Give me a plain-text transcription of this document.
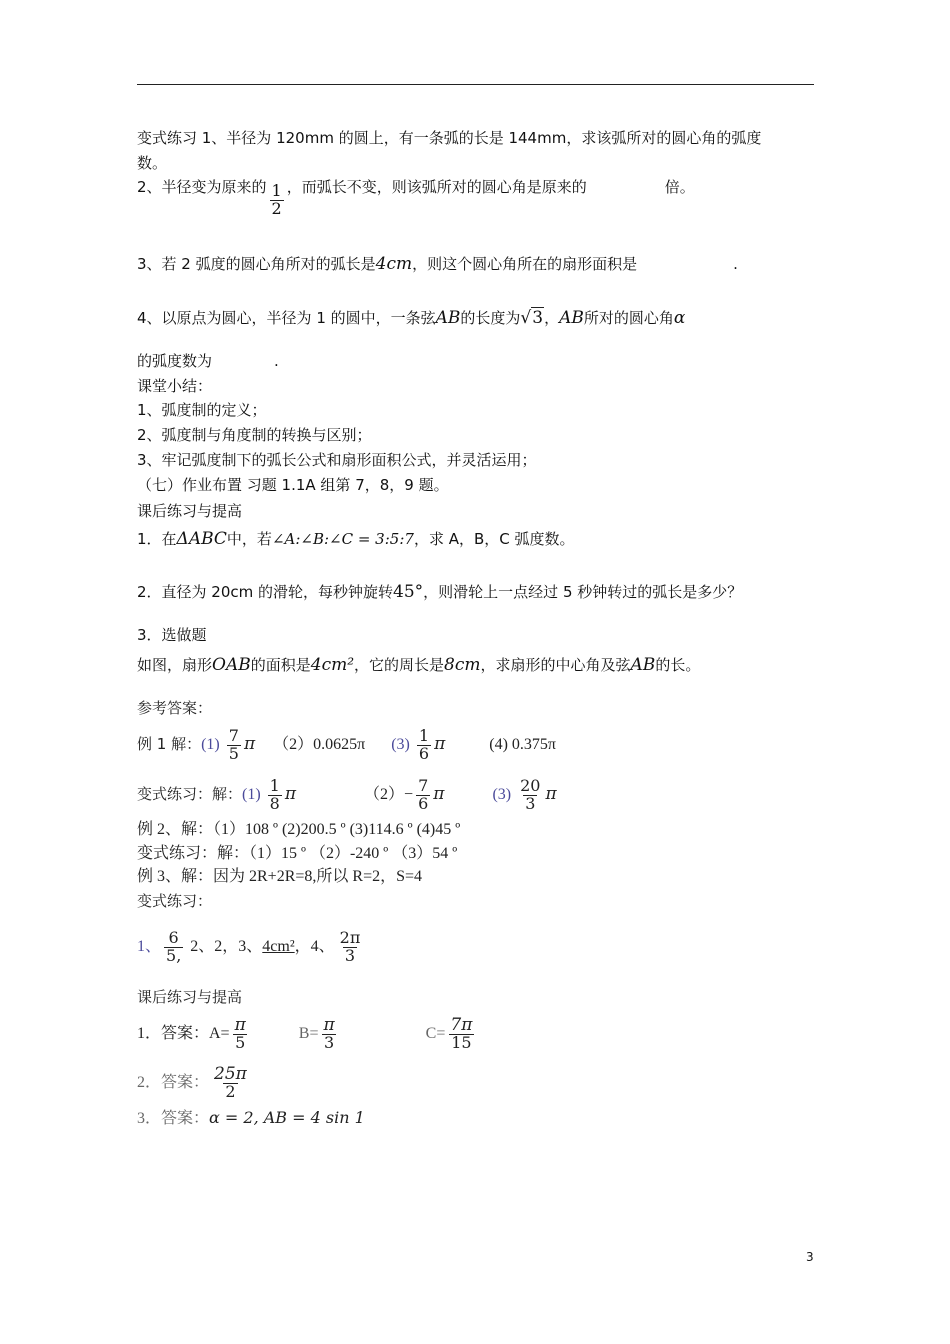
变式练习 1、半径为 120mm 的圆上，有一条弧的长是 144mm，求该弧所对的圆心角的弧度
数。
2、半径变为原来的 $\frac{1}{2}$ ，而弧长不变，则该弧所对的圆心角是原来的	倍。
3、若 2 弧度的圆心角所对的弧长是4cm，则这个圆心角所在的扇形面积是	.
4、以原点为圆心，半径为 1 的圆中，一条弦AB的长度为√3，AB所对的圆心角α
的弧度数为	.
课堂小结：
1、弧度制的定义；
2、弧度制与角度制的转换与区别；
3、牢记弧度制下的弧长公式和扇形面积公式，并灵活运用；
（七）作业布置 习题 1.1A 组第 7，8，9 题。
课后练习与提高
1．在ΔABC中，若∠A:∠B:∠C = 3:5:7，求 A，B，C 弧度数。
2．直径为 20cm 的滑轮，每秒钟旋转45°，则滑轮上一点经过 5 秒钟转过的弧长是多少？
3．选做题
如图，扇形OAB的面积是4cm²，它的周长是8cm，求扇形的中心角及弦AB的长。
参考答案：
例 1 解：$(1) \frac{7}{5}$ π （2）0.0625π $(3) \frac{1}{6}$ π	(4) 0.375π
变式练习：解：$(1) \frac{1}{8}$ π	$(2)- \frac{7}{6}$ π	$(3) \frac{20}{3}$ π
例 2、解：（1）108 º (2)200.5 º (3)114.6 º (4)45 º
变式练习：解：（1）15 º （2）-240 º （3）54 º
例 3、解：因为 2R+2R=8,所以 R=2，S=4
变式练习：
1、 $\frac{6}{5,} 2$、2，3、4cm²，4、 $\frac{2\pi}{3}$
课后练习与提高
1．答案：$A= \frac{\pi}{5}$	$B= \frac{\pi}{3}$	$C= \frac{7\pi}{15}$
2．答案： $\frac{25\pi}{2}$
3．答案：α = 2, AB = 4 sin 1
3
